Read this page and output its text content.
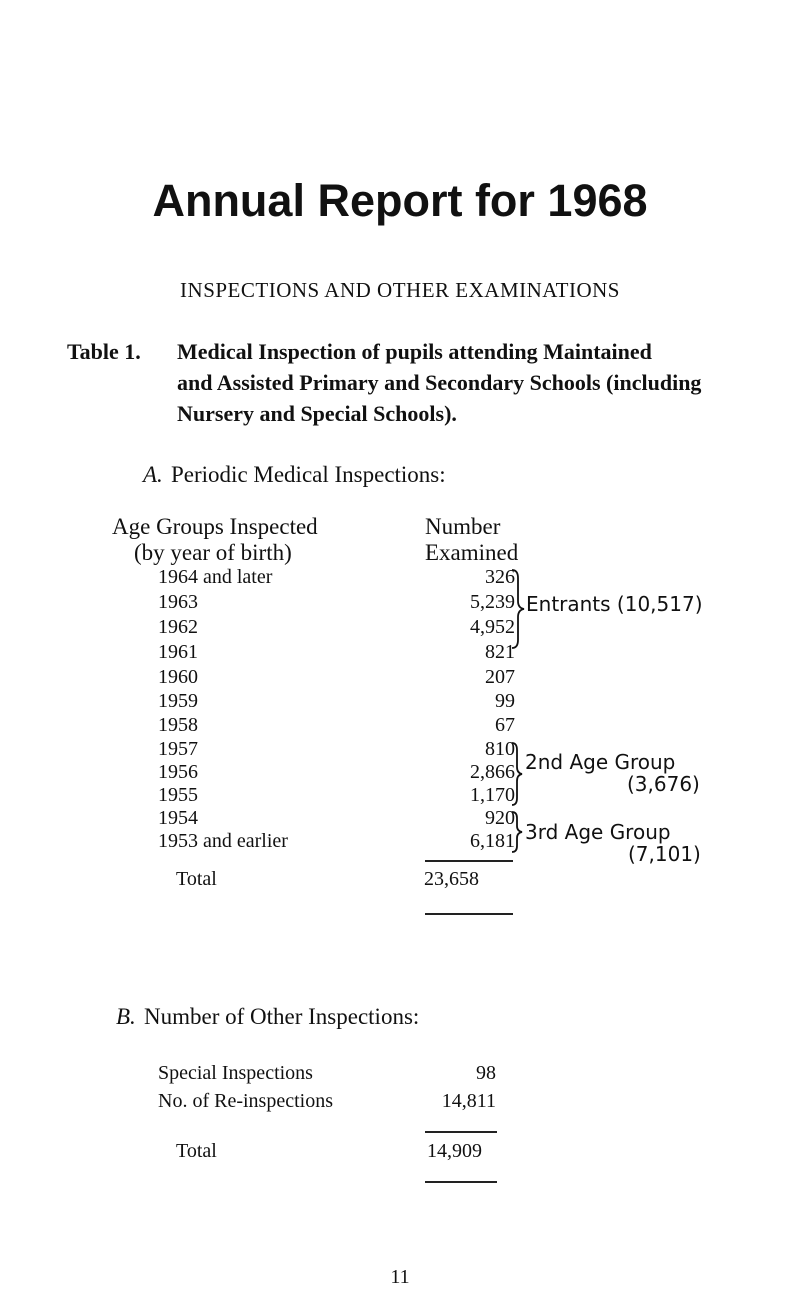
Annual Report for 1968
INSPECTIONS AND OTHER EXAMINATIONS
Table 1. Medical Inspection of pupils attending Maintained
and Assisted Primary and Secondary Schools (including
Nursery and Special Schools).
A. Periodic Medical Inspections:
Age Groups Inspected
(by year of birth)
Number
Examined
1964 and later	326
1963	5,239
1962	4,952
1961	821
1960	207
1959	99
1958	67
1957	810
1956	2,866
1955	1,170
1954	920
1953 and earlier	6,181
Entrants (10,517)
2nd Age Group
(3,676)
3rd Age Group
(7,101)
Total	23,658
B. Number of Other Inspections:
Special Inspections	98
No. of Re-inspections	14,811
Total	14,909
11
